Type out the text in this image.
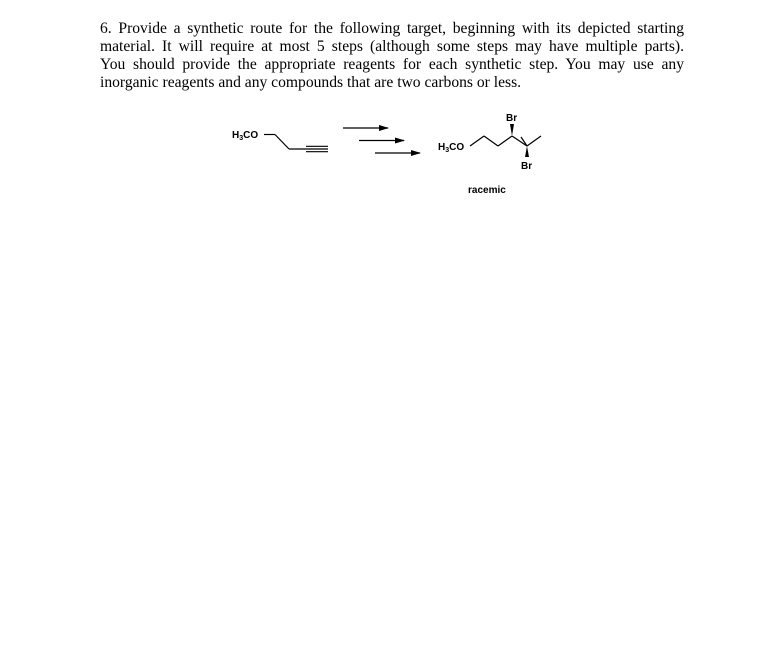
6. Provide a synthetic route for the following target, beginning with its depicted starting
material. It will require at most 5 steps (although some steps may have multiple parts).
You should provide the appropriate reagents for each synthetic step. You may use any
inorganic reagents and any compounds that are two carbons or less.
$H_3CO$
$H_3CO$
Br
Br
racemic
